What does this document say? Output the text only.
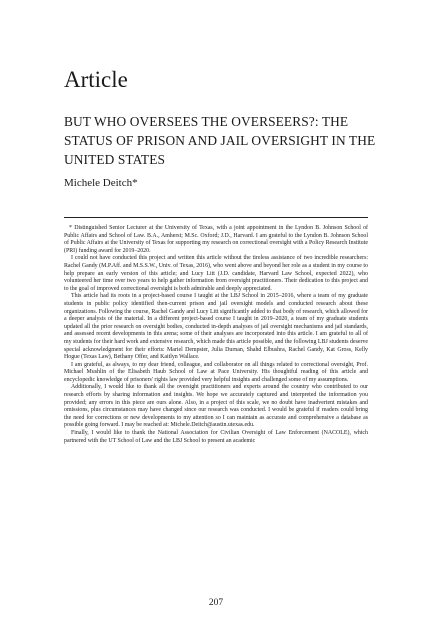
Article
BUT WHO OVERSEES THE OVERSEERS?: THE STATUS OF PRISON AND JAIL OVERSIGHT IN THE UNITED STATES

Michele Deitch*

* Distinguished Senior Lecturer at the University of Texas, with a joint appointment in the Lyndon B. Johnson School of Public Affairs and School of Law. B.A., Amherst; M.Sc. Oxford; J.D., Harvard. I am grateful to the Lyndon B. Johnson School of Public Affairs at the University of Texas for supporting my research on correctional oversight with a Policy Research Institute (PRI) funding award for 2019–2020.

I could not have conducted this project and written this article without the tireless assistance of two incredible researchers: Rachel Gandy (M.P.Aff. and M.S.S.W., Univ. of Texas, 2016), who went above and beyond her role as a student in my course to help prepare an early version of this article; and Lucy Litt (J.D. candidate, Harvard Law School, expected 2022), who volunteered her time over two years to help gather information from oversight practitioners. Their dedication to this project and to the goal of improved correctional oversight is both admirable and deeply appreciated.

This article had its roots in a project-based course I taught at the LBJ School in 2015–2016, where a team of my graduate students in public policy identified then-current prison and jail oversight models and conducted research about these organizations. Following the course, Rachel Gandy and Lucy Litt significantly added to that body of research, which allowed for a deeper analysis of the material. In a different project-based course I taught in 2019–2020, a team of my graduate students updated all the prior research on oversight bodies, conducted in-depth analyses of jail oversight mechanisms and jail standards, and assessed recent developments in this arena; some of their analyses are incorporated into this article. I am grateful to all of my students for their hard work and extensive research, which made this article possible, and the following LBJ students deserve special acknowledgment for their efforts: Mariel Dempster, Julia Durnan, Shahd Elbushra, Rachel Gandy, Kat Gross, Kelly Hogue (Texas Law), Bethany Offer, and Kaitlyn Wallace.

I am grateful, as always, to my dear friend, colleague, and collaborator on all things related to correctional oversight, Prof. Michael Mushlin of the Elisabeth Haub School of Law at Pace University. His thoughtful reading of this article and encyclopedic knowledge of prisoners' rights law provided very helpful insights and challenged some of my assumptions.

Additionally, I would like to thank all the oversight practitioners and experts around the country who contributed to our research efforts by sharing information and insights. We hope we accurately captured and interpreted the information you provided; any errors in this piece are ours alone. Also, in a project of this scale, we no doubt have inadvertent mistakes and omissions, plus circumstances may have changed since our research was conducted. I would be grateful if readers could bring the need for corrections or new developments to my attention so I can maintain as accurate and comprehensive a database as possible going forward. I may be reached at: Michele.Deitch@austin.utexas.edu.

Finally, I would like to thank the National Association for Civilian Oversight of Law Enforcement (NACOLE), which partnered with the UT School of Law and the LBJ School to present an academic

207
